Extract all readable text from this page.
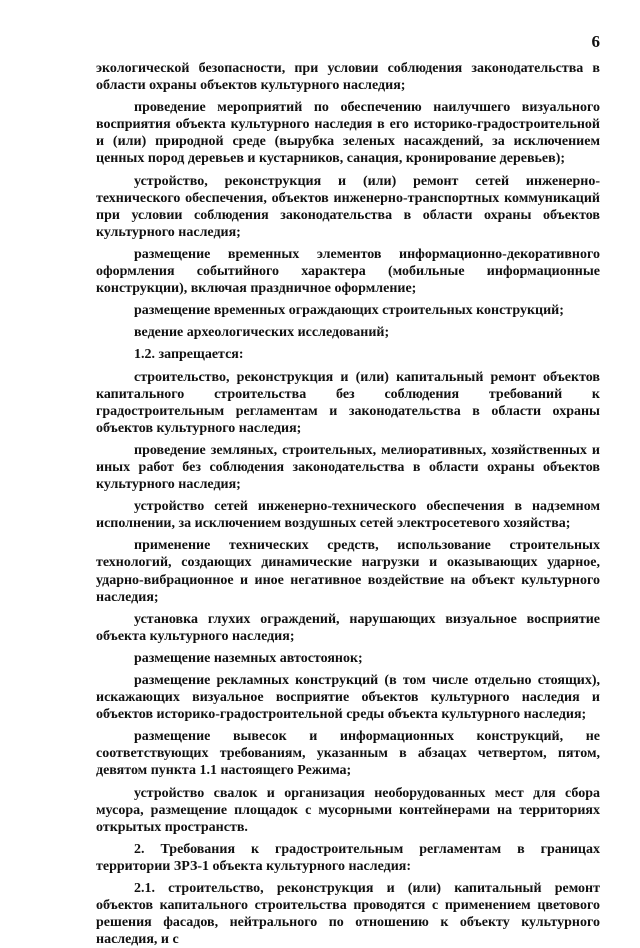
6

экологической безопасности, при условии соблюдения законодательства в области охраны объектов культурного наследия;

проведение мероприятий по обеспечению наилучшего визуального восприятия объекта культурного наследия в его историко-градостроительной и (или) природной среде (вырубка зеленых насаждений, за исключением ценных пород деревьев и кустарников, санация, кронирование деревьев);

устройство, реконструкция и (или) ремонт сетей инженерно-технического обеспечения, объектов инженерно-транспортных коммуникаций при условии соблюдения законодательства в области охраны объектов культурного наследия;

размещение временных элементов информационно-декоративного оформления событийного характера (мобильные информационные конструкции), включая праздничное оформление;

размещение временных ограждающих строительных конструкций;

ведение археологических исследований;

1.2. запрещается:

строительство, реконструкция и (или) капитальный ремонт объектов капитального строительства без соблюдения требований к градостроительным регламентам и законодательства в области охраны объектов культурного наследия;

проведение земляных, строительных, мелиоративных, хозяйственных и иных работ без соблюдения законодательства в области охраны объектов культурного наследия;

устройство сетей инженерно-технического обеспечения в надземном исполнении, за исключением воздушных сетей электросетевого хозяйства;

применение технических средств, использование строительных технологий, создающих динамические нагрузки и оказывающих ударное, ударно-вибрационное и иное негативное воздействие на объект культурного наследия;

установка глухих ограждений, нарушающих визуальное восприятие объекта культурного наследия;

размещение наземных автостоянок;

размещение рекламных конструкций (в том числе отдельно стоящих), искажающих визуальное восприятие объектов культурного наследия и объектов историко-градостроительной среды объекта культурного наследия;

размещение вывесок и информационных конструкций, не соответствующих требованиям, указанным в абзацах четвертом, пятом, девятом пункта 1.1 настоящего Режима;

устройство свалок и организация необорудованных мест для сбора мусора, размещение площадок с мусорными контейнерами на территориях открытых пространств.

2. Требования к градостроительным регламентам в границах территории ЗРЗ-1 объекта культурного наследия:

2.1. строительство, реконструкция и (или) капитальный ремонт объектов капитального строительства проводятся с применением цветового решения фасадов, нейтрального по отношению к объекту культурного наследия, и с
